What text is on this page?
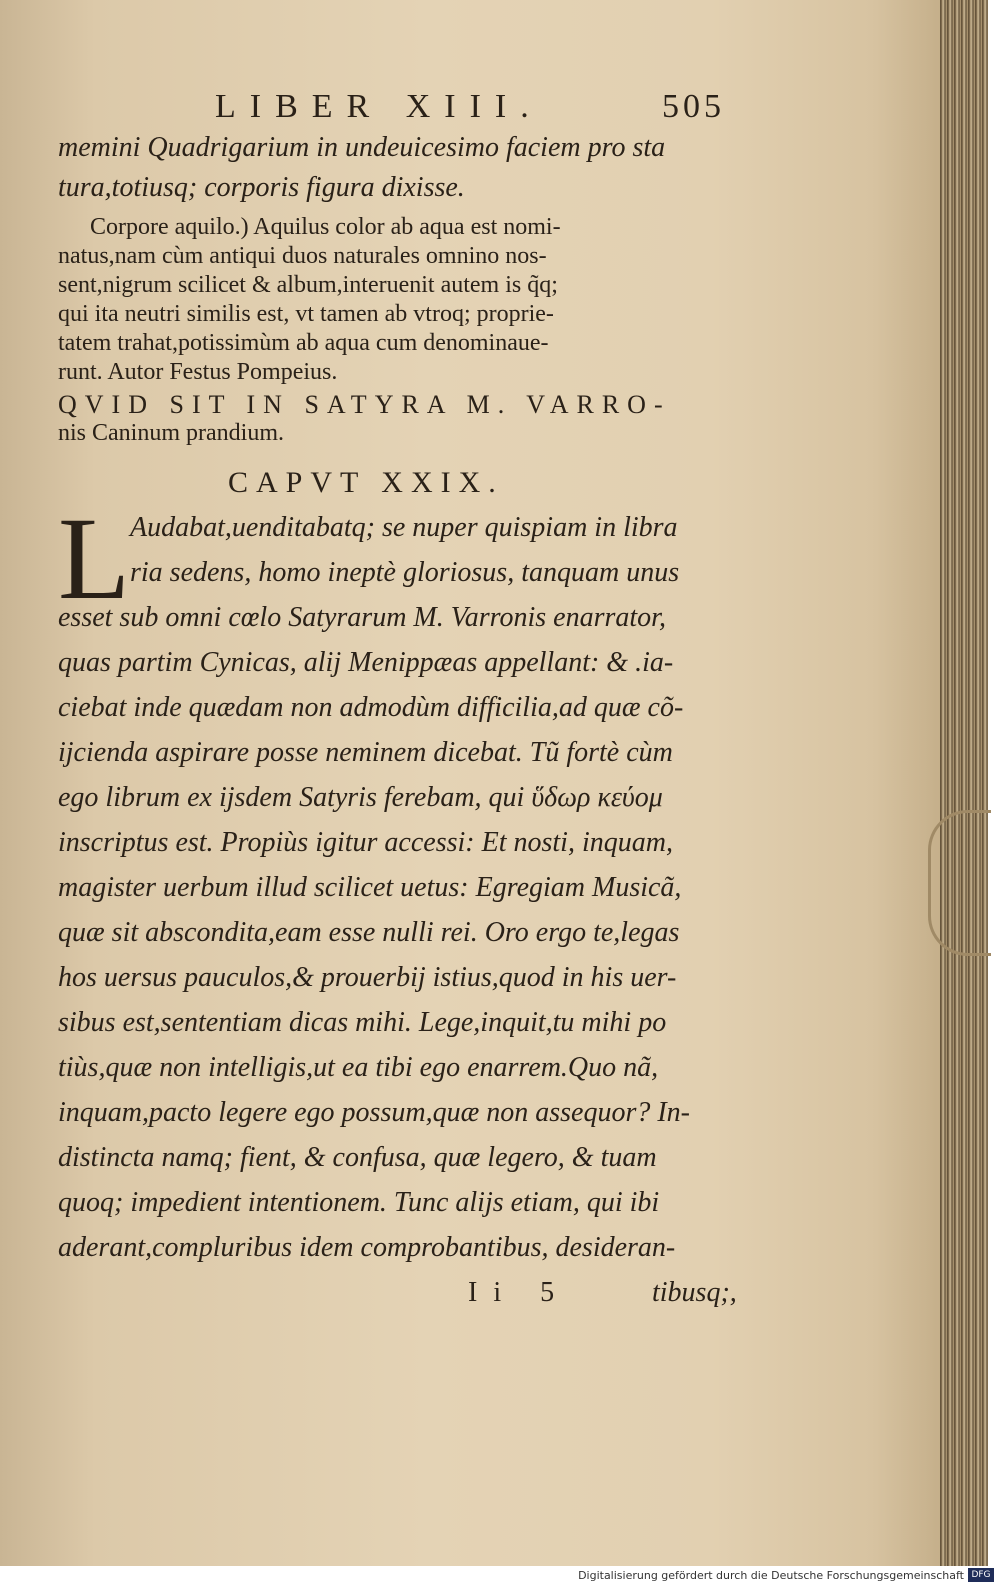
LIBER XIII.	505
memini Quadrigarium in undeuicesimo faciem pro sta
tura,totiusq; corporis figura dixisse.
Corpore aquilo.) Aquilus color ab aqua est nomi-
natus,nam cùm antiqui duos naturales omnino nos-
sent,nigrum scilicet & album,interuenit autem is q̃q;
qui ita neutri similis est, vt tamen ab vtroq; proprie-
tatem trahat,potissimùm ab aqua cum denominaue-
runt. Autor Festus Pompeius.
QVID SIT IN SATYRA M. VARRO-
nis Caninum prandium.
CAPVT XXIX.
L Audabat,uenditabatq; se nuper quispiam in libra
ria sedens, homo ineptè gloriosus, tanquam unus
esset sub omni cœlo Satyrarum M. Varronis enarrator,
quas partim Cynicas, alij Menippæas appellant: & .ia-
ciebat inde quædam non admodùm difficilia,ad quæ cõ-
ijcienda aspirare posse neminem dicebat. Tũ fortè cùm
ego librum ex ijsdem Satyris ferebam, qui ὕδωρ κεύομ
inscriptus est. Propiùs igitur accessi: Et nosti, inquam,
magister uerbum illud scilicet uetus: Egregiam Musicã,
quæ sit abscondita,eam esse nulli rei. Oro ergo te,legas
hos uersus pauculos,& prouerbij istius,quod in his uer-
sibus est,sententiam dicas mihi. Lege,inquit,tu mihi po
tiùs,quæ non intelligis,ut ea tibi ego enarrem.Quo nã,
inquam,pacto legere ego possum,quæ non assequor? In-
distincta namq; fient, & confusa, quæ legero, & tuam
quoq; impedient intentionem. Tunc alijs etiam, qui ibi
aderant,compluribus idem comprobantibus, desideran-
Ii 5	tibusq;,
Digitalisierung gefördert durch die Deutsche Forschungsgemeinschaft DFG
